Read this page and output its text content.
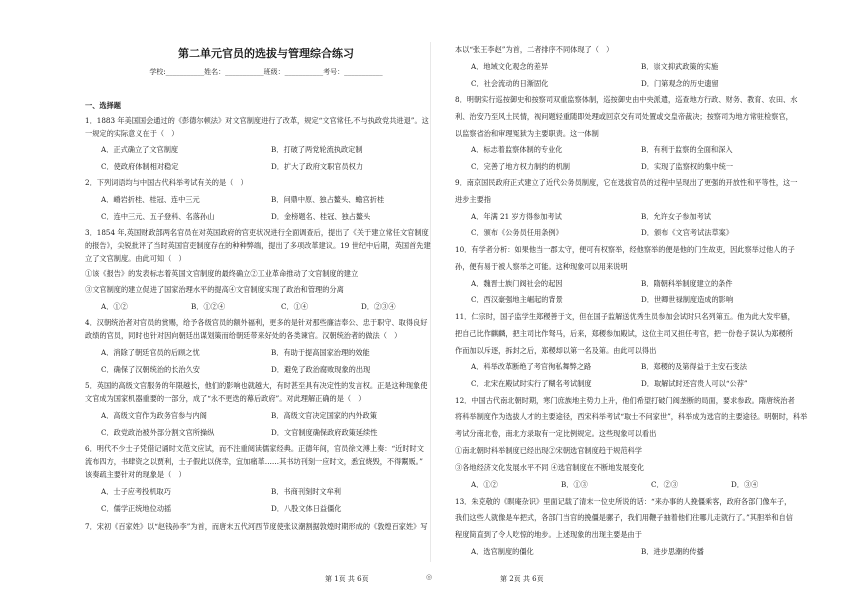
第二单元官员的选拔与管理综合练习
学校:___________姓名：___________班级：___________考号：___________
一、选择题
1．1883 年美国国会通过的《彭德尔顿法》对文官制度进行了改革，规定“文官常任,不与执政党共进退”。这
一规定的实际意义在于（　）
A．正式确立了文官制度	B．打破了两党轮流执政定制
C．使政府体制相对稳定	D．扩大了政府文职官员权力
2．下列词语均与中国古代科举考试有关的是（　）
A．嵴岩折桂、桂冠、连中三元	B．问鼎中原、独占鳌头、蟾宫折桂
C．连中三元、五子登科、名落孙山	D．金榜题名、桂冠、独占鳌头
3．1854 年,英国财政部两名官员在对英国政府的官吏状况进行全面调查后，提出了《关于建立常任文官制度
的报告》，尖锐批评了当时英国官吏制度存在的种种弊端，提出了多项改革建议。19 世纪中后期，英国首先建
立了文官制度。由此可知（　）
①该《报告》的发表标志着英国文官制度的最终确立②工业革命推动了文官制度的建立
③文官制度的建立促进了国家治理水平的提高④文官制度实现了政治和管理的分离
A．①②	B．①②④	C．①④	D．②③④
4．汉朝统治者对官员的赏赐，给予各级官员的额外福利，更多的是针对那些廉洁奉公、忠于职守、取得良好
政绩的官员，同时也针对因向朝廷出谋划策而给朝廷带来好处的各类谏官。汉朝统治者的做法（　）
A．消除了朝廷官员的后顾之忧	B．有助于提高国家治理的效能
C．确保了汉朝统治的长治久安	D．避免了政治腐败现象的出现
5．英国的高级文官服务的年限越长，他们的影响也就越大，有时甚至具有决定性的发言权。正是这种现象使
文官成为国家机器重要的一部分，成了“永不更迭的幕后政府”。对此理解正确的是（　）
A．高级文官作为政务官参与内阁	B．高级文官决定国家的内外政策
C．政党政治被外部分割文官所操纵	D．文官制度确保政府政策延续性
6．明代不少士子凭借记诵时文范文应试，而不注重阅读儒家经典。正德年间，官员徐文溥上奏：“近时时文
流布四方，书肆资之以贾利，士子假此以侥幸，宜加痛革……其书坊刊刻一应时文，悉宜烧毁，不得鬻贩。”
该奏疏主要针对的现象是（　）
A．士子应考投机取巧	B．书商刊刻时文牟利
C．儒学正统地位动摇	D．八股文体日益僵化
7．宋初《百家姓》以“赵钱孙李”为首，而唐末五代河西节度使张议潮割据敦煌时期形成的《敦煌百家姓》写
第 1页 共 6页	◎
本以“张王李赵”为首，二者排序不同体现了（　）
A．地域文化观念的差异	B．崇文抑武政策的实施
C．社会流动的日渐固化	D．门第观念的历史遗留
8．明朝实行巡按御史和按察司双重监察体制，巡按御史由中央派遣，巡查地方行政、财务、教育、农田、水
利、治安乃至风土民情，视问题轻重随即处理或回京交有司处置或交皇帝裁决；按察司为地方常驻检察官，
以监察省治和审理冤狱为主要职责。这一体制
A．标志着监察体制的专业化	B．有利于监察的全面和深入
C．完善了地方权力制约的机制	D．实现了监察权的集中统一
9．南京国民政府正式建立了近代公务员制度，它在选拔官员的过程中呈现出了更强的开放性和平等性，这一
进步主要指
A．年满 21 岁方得参加考试	B．允许女子参加考试
C．颁布《公务员任用条例》	D．颁布《文官考试法草案》
10．有学者分析：如果他当一郡太守，便可有权察举，经他察举的便是他的门生故吏，因此察举过他人的子
孙，便有易于被人察举之可能。这种现象可以用来说明
A．魏晋士族门阀社会的起因	B．隋朝科举制度建立的条件
C．西汉豪强地主崛起的背景	D．世卿世禄制度造成的影响
11．仁宗时，国子监学生郑稷善于文，但在国子监解送优秀生员参加会试时只名列第五。他为此大发牢骚，
把自己比作麒麟，把主司比作驽马，后来，郑稷参加殿试，这位主司又担任考官，把一份卷子误认为郑稷所
作而加以斥逐，拆封之后，郑稷却以第一名及第。由此可以得出
A．科举改革断绝了考官徇私舞弊之路	B．郑稷的及第得益于主安石变法
C．北宋在殿试时实行了糊名考试制度	D．取解试时还宫贵人可以“公荐”
12．中国古代南北朝时期，寒门庶族地主势力上升，他们希望打破门阀垄断的局面，要求参政。隋唐统治者
将科举制度作为选拔人才的主要途径，西宋科举考试“取士不问家世”，科举成为选官的主要途径。明朝时，科举
考试分南北卷，南北方录取有一定比例规定。这些现象可以看出
①南北朝时科举制度已经出现②宋朝选官制度趋于规范科学
③各地经济文化发展水平不同 ④选官制度在不断地发展变化
A．①②	B．①③	C．②③	D．③④
13．朱克敬的《瞑庵杂识》里面记载了清末一位史所说的话：“来办事的人挽僵乘客，政府各部门像车子，
我们这些人就像是车把式，各部门当官的挽僵是骡子，我们用鞭子抽着他们往哪儿走就行了。”其胆举和自信
程度简直到了令人吃惊的地步。上述现象的出现主要是由于
A．选官制度的僵化	B．进步思潮的传播
第 2页 共 6页
